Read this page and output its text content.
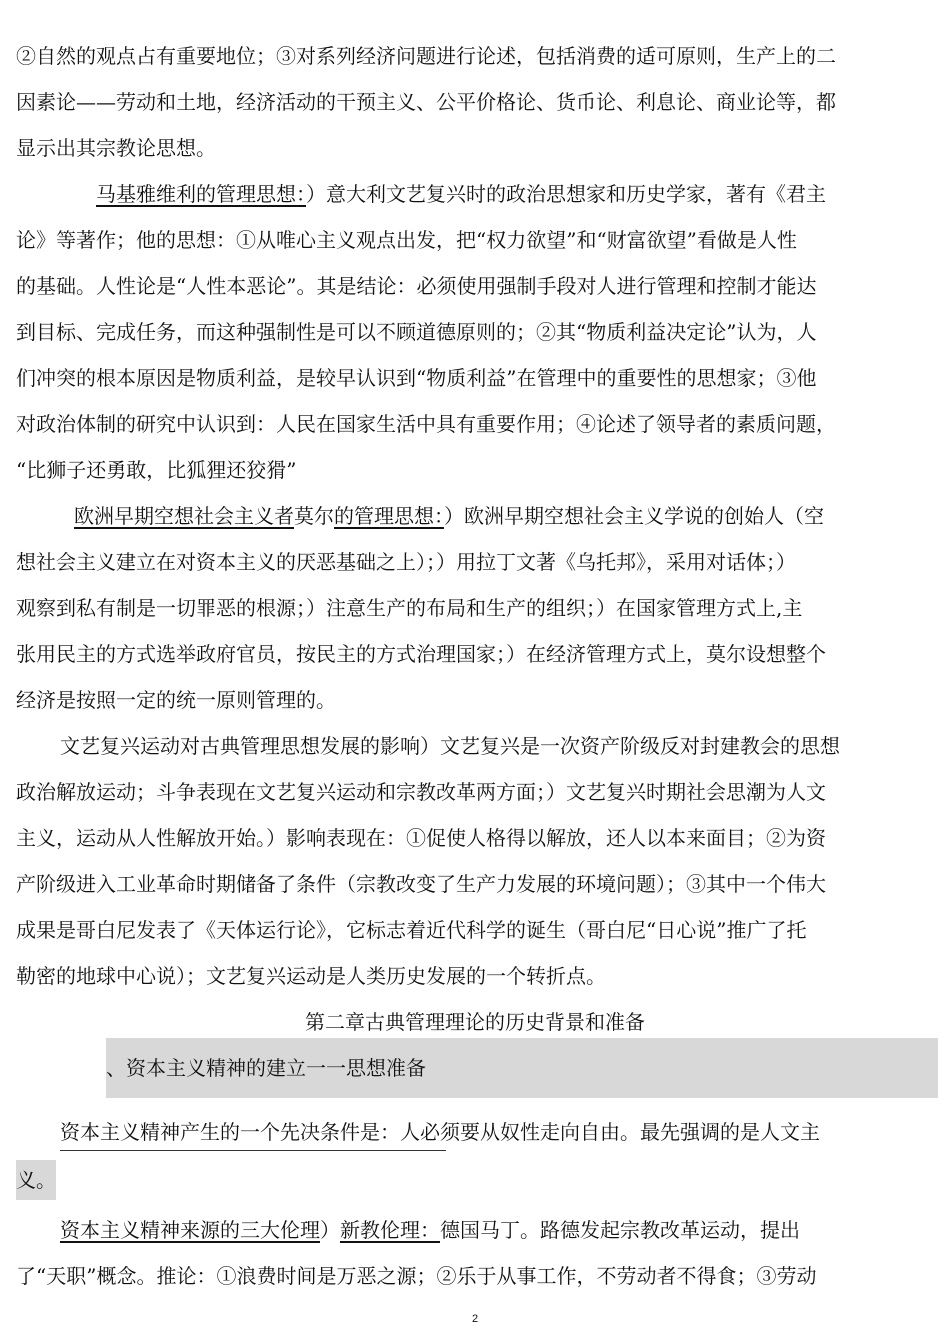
②自然的观点占有重要地位；③对系列经济问题进行论述，包括消费的适可原则，生产上的二
因素论——劳动和土地，经济活动的干预主义、公平价格论、货币论、利息论、商业论等，都
显示出其宗教论思想。
马基雅维利的管理思想：）意大利文艺复兴时的政治思想家和历史学家，著有《君主
论》等著作；他的思想：①从唯心主义观点出发，把“权力欲望”和“财富欲望”看做是人性
的基础。人性论是“人性本恶论”。其是结论：必须使用强制手段对人进行管理和控制才能达
到目标、完成任务，而这种强制性是可以不顾道德原则的；②其“物质利益决定论”认为，人
们冲突的根本原因是物质利益，是较早认识到“物质利益”在管理中的重要性的思想家；③他
对政治体制的研究中认识到：人民在国家生活中具有重要作用；④论述了领导者的素质问题，
“比狮子还勇敢，比狐狸还狡猾”
欧洲早期空想社会主义者莫尔的管理思想：）欧洲早期空想社会主义学说的创始人（空
想社会主义建立在对资本主义的厌恶基础之上）；）用拉丁文著《乌托邦》，采用对话体；）
观察到私有制是一切罪恶的根源；）注意生产的布局和生产的组织；）在国家管理方式上,主
张用民主的方式选举政府官员，按民主的方式治理国家；）在经济管理方式上，莫尔设想整个
经济是按照一定的统一原则管理的。
文艺复兴运动对古典管理思想发展的影响）文艺复兴是一次资产阶级反对封建教会的思想
政治解放运动；斗争表现在文艺复兴运动和宗教改革两方面；）文艺复兴时期社会思潮为人文
主义，运动从人性解放开始。）影响表现在：①促使人格得以解放，还人以本来面目；②为资
产阶级进入工业革命时期储备了条件（宗教改变了生产力发展的环境问题）；③其中一个伟大
成果是哥白尼发表了《天体运行论》，它标志着近代科学的诞生（哥白尼“日心说”推广了托
勒密的地球中心说）；文艺复兴运动是人类历史发展的一个转折点。
第二章古典管理理论的历史背景和准备
、资本主义精神的建立一一思想准备
资本主义精神产生的一个先决条件是：人必须要从奴性走向自由。最先强调的是人文主
义。
资本主义精神来源的三大伦理）新教伦理：德国马丁。路德发起宗教改革运动，提出
了“天职”概念。推论：①浪费时间是万恶之源；②乐于从事工作，不劳动者不得食；③劳动
2
